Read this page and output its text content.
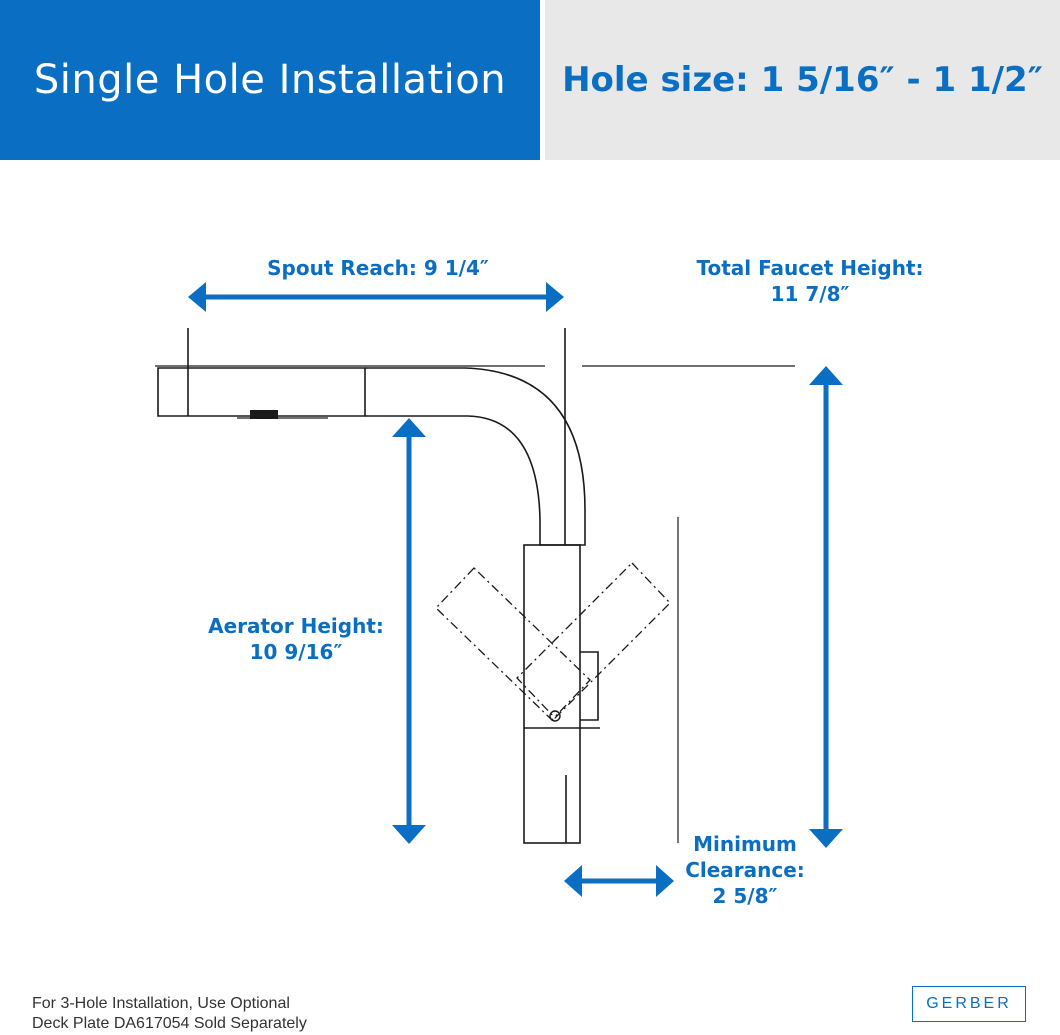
Single Hole Installation Hole size: 1 5/16″ - 1 1/2″
Spout Reach: 9 1/4″	Total Faucet Height:
11 7/8″
Aerator Height:
10 9/16″
Minimum
Clearance:
2 5/8″
For 3-Hole Installation, Use Optional
Deck Plate DA617054 Sold Separately
GERBER
